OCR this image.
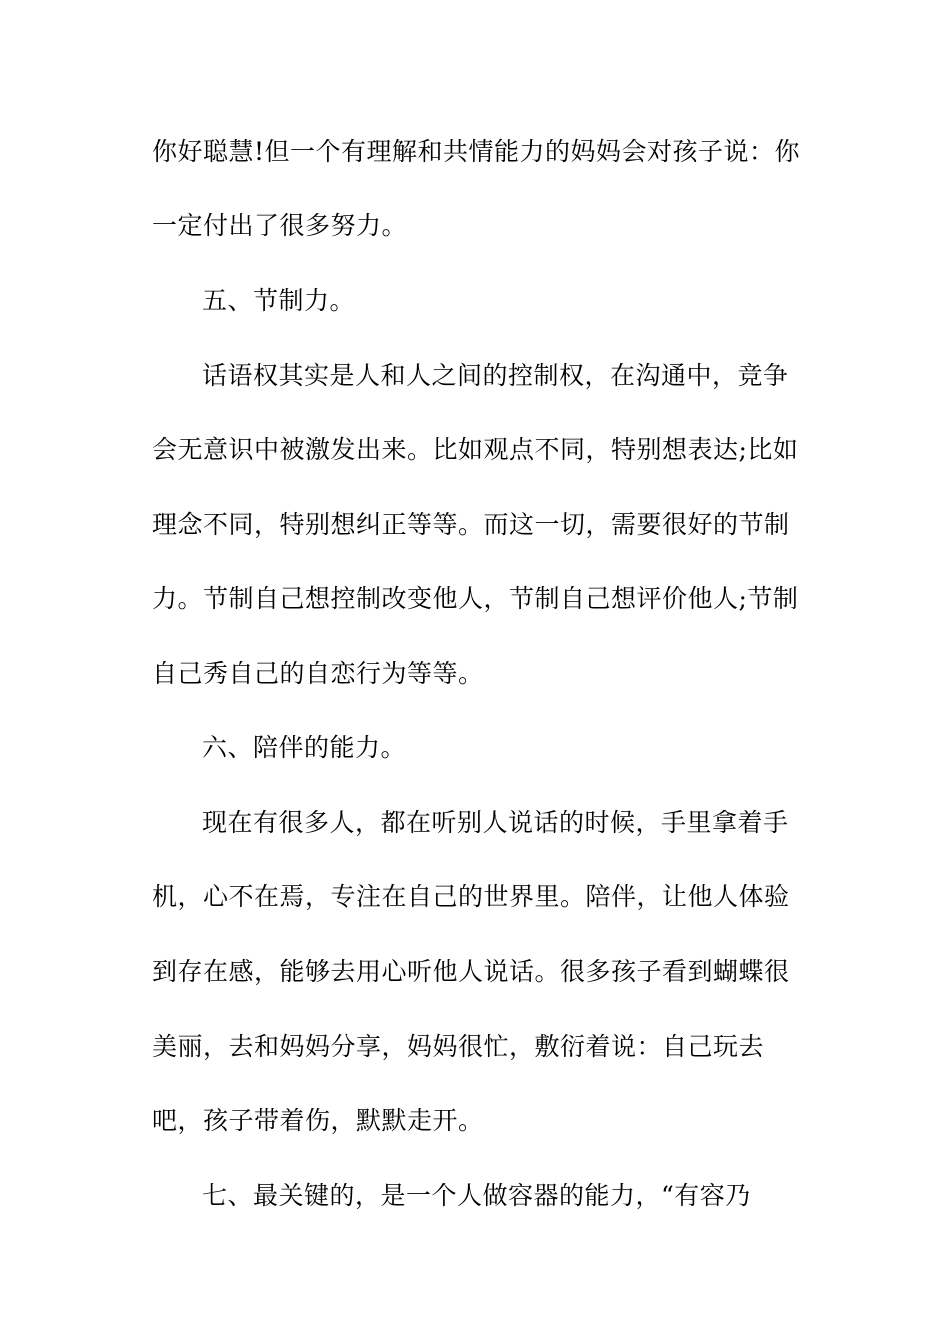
你好聪慧!但一个有理解和共情能力的妈妈会对孩子说：你
一定付出了很多努力。
五、节制力。
话语权其实是人和人之间的控制权，在沟通中，竞争
会无意识中被激发出来。比如观点不同，特别想表达;比如
理念不同，特别想纠正等等。而这一切，需要很好的节制
力。节制自己想控制改变他人，节制自己想评价他人;节制
自己秀自己的自恋行为等等。
六、陪伴的能力。
现在有很多人，都在听别人说话的时候，手里拿着手
机，心不在焉，专注在自己的世界里。陪伴，让他人体验
到存在感，能够去用心听他人说话。很多孩子看到蝴蝶很
美丽，去和妈妈分享，妈妈很忙，敷衍着说：自己玩去
吧，孩子带着伤，默默走开。
七、最关键的，是一个人做容器的能力，“有容乃
